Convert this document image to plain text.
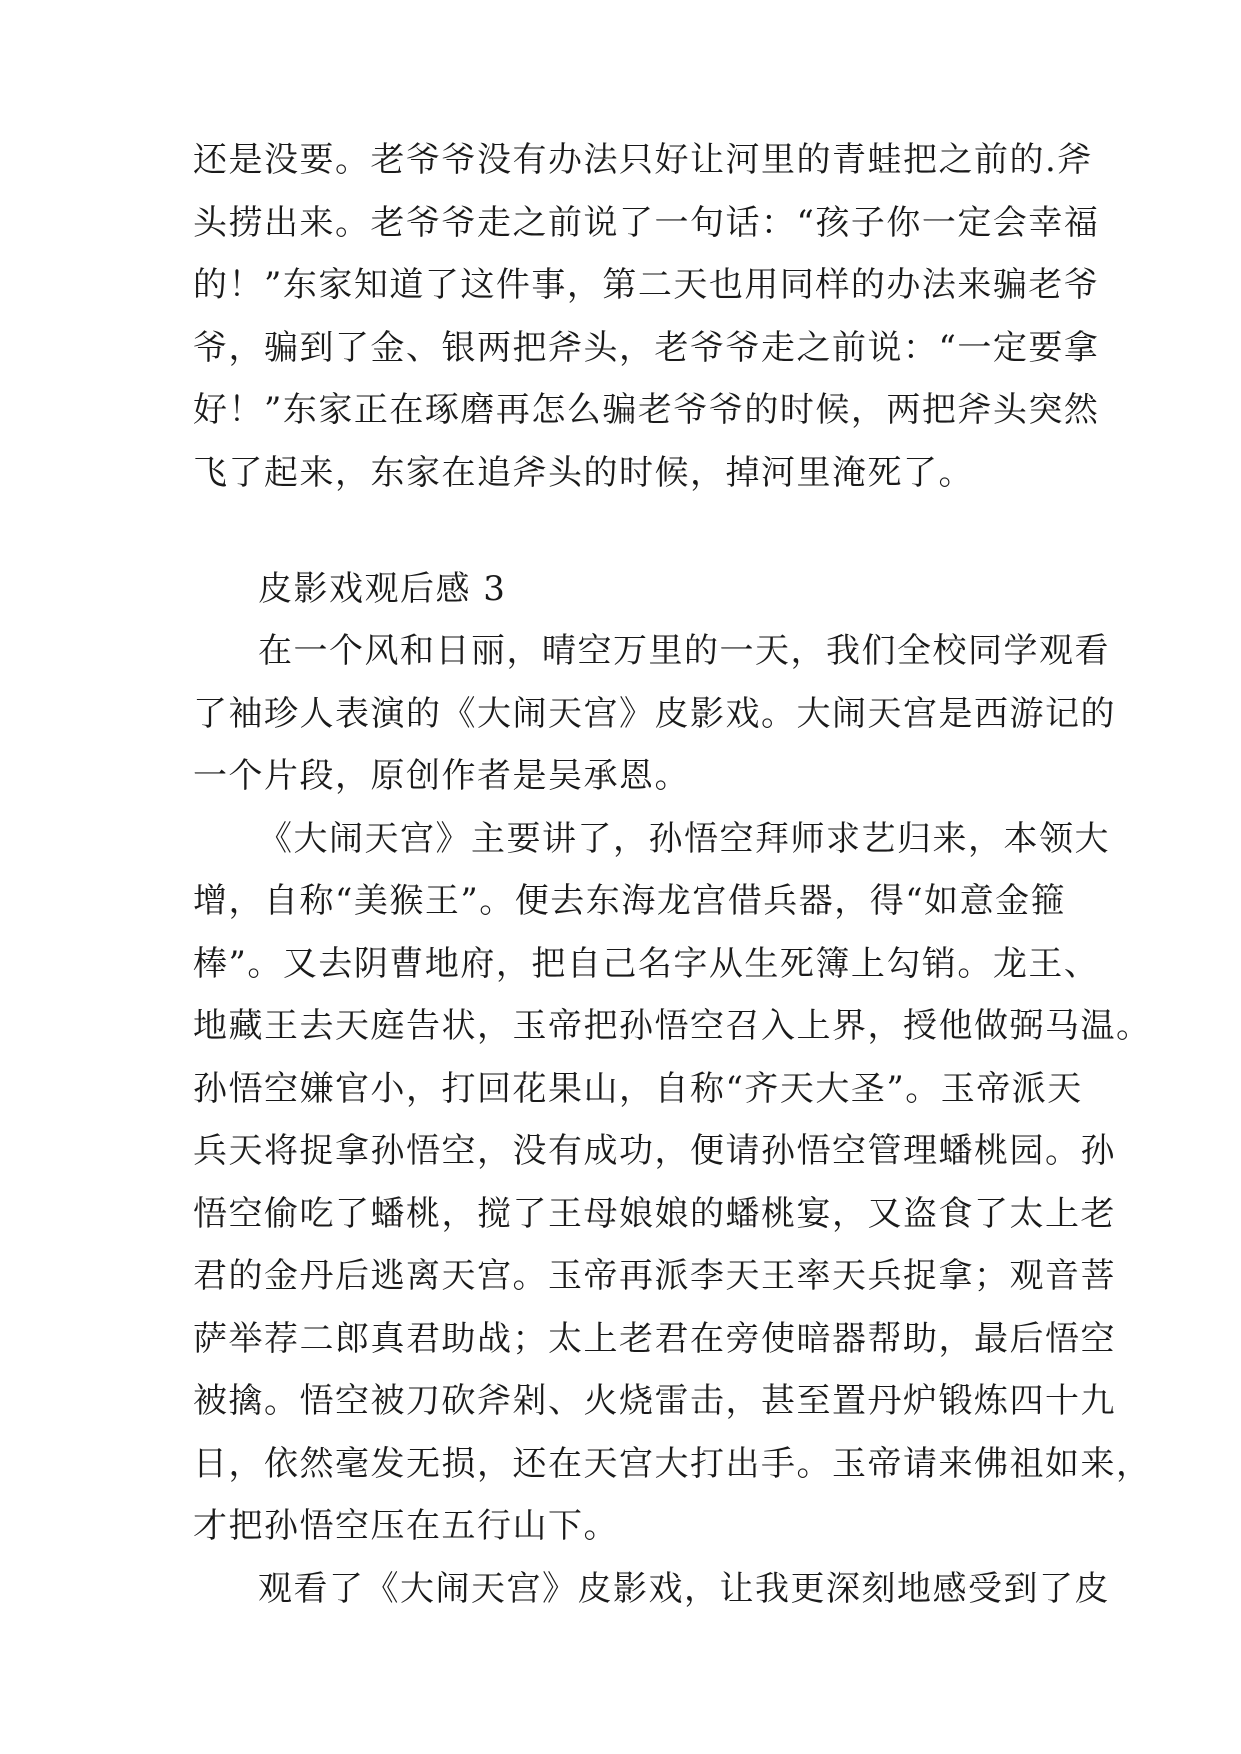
还是没要。老爷爷没有办法只好让河里的青蛙把之前的.斧
头捞出来。老爷爷走之前说了一句话：“孩子你一定会幸福
的！”东家知道了这件事，第二天也用同样的办法来骗老爷
爷，骗到了金、银两把斧头，老爷爷走之前说：“一定要拿
好！”东家正在琢磨再怎么骗老爷爷的时候，两把斧头突然
飞了起来，东家在追斧头的时候，掉河里淹死了。
皮影戏观后感 3
在一个风和日丽，晴空万里的一天，我们全校同学观看
了袖珍人表演的《大闹天宫》皮影戏。大闹天宫是西游记的
一个片段，原创作者是吴承恩。
《大闹天宫》主要讲了，孙悟空拜师求艺归来，本领大
增，自称“美猴王”。便去东海龙宫借兵器，得“如意金箍
棒”。又去阴曹地府，把自己名字从生死簿上勾销。龙王、
地藏王去天庭告状，玉帝把孙悟空召入上界，授他做弼马温。
孙悟空嫌官小，打回花果山，自称“齐天大圣”。玉帝派天
兵天将捉拿孙悟空，没有成功，便请孙悟空管理蟠桃园。孙
悟空偷吃了蟠桃，搅了王母娘娘的蟠桃宴，又盗食了太上老
君的金丹后逃离天宫。玉帝再派李天王率天兵捉拿；观音菩
萨举荐二郎真君助战；太上老君在旁使暗器帮助，最后悟空
被擒。悟空被刀砍斧剁、火烧雷击，甚至置丹炉锻炼四十九
日，依然毫发无损，还在天宫大打出手。玉帝请来佛祖如来，
才把孙悟空压在五行山下。
观看了《大闹天宫》皮影戏，让我更深刻地感受到了皮
